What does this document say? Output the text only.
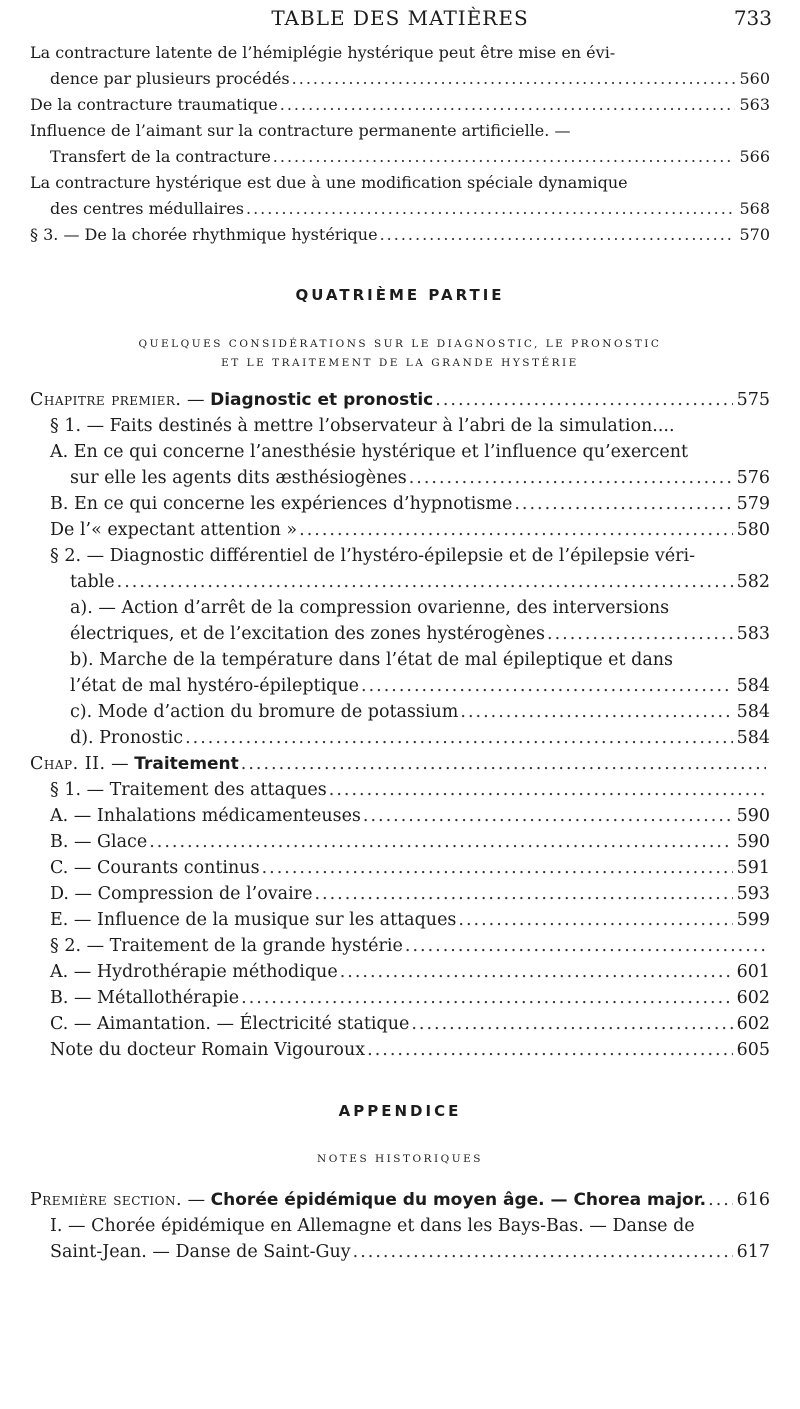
TABLE DES MATIÈRES	733
La contracture latente de l’hémiplégie hystérique peut être mise en évi-
dence par plusieurs procédés .....	560
De la contracture traumatique .....	563
Influence de l’aimant sur la contracture permanente artificielle. —
Transfert de la contracture .....	566
La contracture hystérique est due à une modification spéciale dynamique
des centres médullaires .....	568
§ 3. — De la chorée rhythmique hystérique .....	570
QUATRIÈME PARTIE
QUELQUES CONSIDÉRATIONS SUR LE DIAGNOSTIC, LE PRONOSTIC
ET LE TRAITEMENT DE LA GRANDE HYSTÉRIE
Chapitre premier. — Diagnostic et pronostic .....	575
§ 1. — Faits destinés à mettre l’observateur à l’abri de la simulation....
A. En ce qui concerne l’anesthésie hystérique et l’influence qu’exercent
sur elle les agents dits æsthésiogènes .....	576
B. En ce qui concerne les expériences d’hypnotisme .....	579
De l’« expectant attention » .....	580
§ 2. — Diagnostic différentiel de l’hystéro-épilepsie et de l’épilepsie véri-
table .....	582
a). — Action d’arrêt de la compression ovarienne, des interversions
électriques, et de l’excitation des zones hystérogènes .....	583
b). Marche de la température dans l’état de mal épileptique et dans
l’état de mal hystéro-épileptique .....	584
c). Mode d’action du bromure de potassium .....	584
d). Pronostic .....	584
Chap. II. — Traitement
.....
§ 1. — Traitement des attaques
.....
A. — Inhalations médicamenteuses .....	590
B. — Glace .....	590
C. — Courants continus .....	591
D. — Compression de l’ovaire .....	593
E. — Influence de la musique sur les attaques .....	599
§ 2. — Traitement de la grande hystérie
.....
A. — Hydrothérapie méthodique .....	601
B. — Métallothérapie .....	602
C. — Aimantation. — Électricité statique .....	602
Note du docteur Romain Vigouroux .....	605
APPENDICE
NOTES HISTORIQUES
Première section. — Chorée épidémique du moyen âge. — Chorea major. ..... 616
I. — Chorée épidémique en Allemagne et dans les Bays-Bas. — Danse de
Saint-Jean. — Danse de Saint-Guy .....	617
